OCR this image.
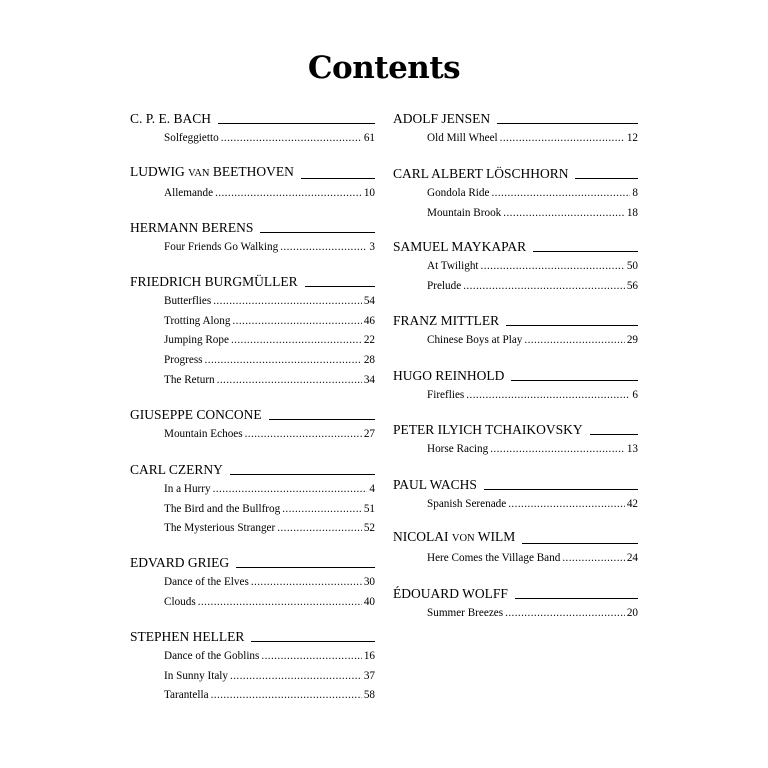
Contents
C. P. E. BACH
Solfeggietto .....	61
LUDWIG VAN BEETHOVEN
Allemande .....	10
HERMANN BERENS
Four Friends Go Walking .....	3
FRIEDRICH BURGMÜLLER
Butterflies .....	54
Trotting Along .....	46
Jumping Rope .....	22
Progress .....	28
The Return .....	34
GIUSEPPE CONCONE
Mountain Echoes .....	27
CARL CZERNY
In a Hurry .....	4
The Bird and the Bullfrog .....	51
The Mysterious Stranger .....	52
EDVARD GRIEG
Dance of the Elves .....	30
Clouds .....	40
STEPHEN HELLER
Dance of the Goblins .....	16
In Sunny Italy .....	37
Tarantella .....	58
ADOLF JENSEN
Old Mill Wheel .....	12
CARL ALBERT LÖSCHHORN
Gondola Ride .....	8
Mountain Brook .....	18
SAMUEL MAYKAPAR
At Twilight .....	50
Prelude .....	56
FRANZ MITTLER
Chinese Boys at Play .....	29
HUGO REINHOLD
Fireflies .....	6
PETER ILYICH TCHAIKOVSKY
Horse Racing .....	13
PAUL WACHS
Spanish Serenade .....	42
NICOLAI VON WILM
Here Comes the Village Band .....	24
ÉDOUARD WOLFF
Summer Breezes .....	20
